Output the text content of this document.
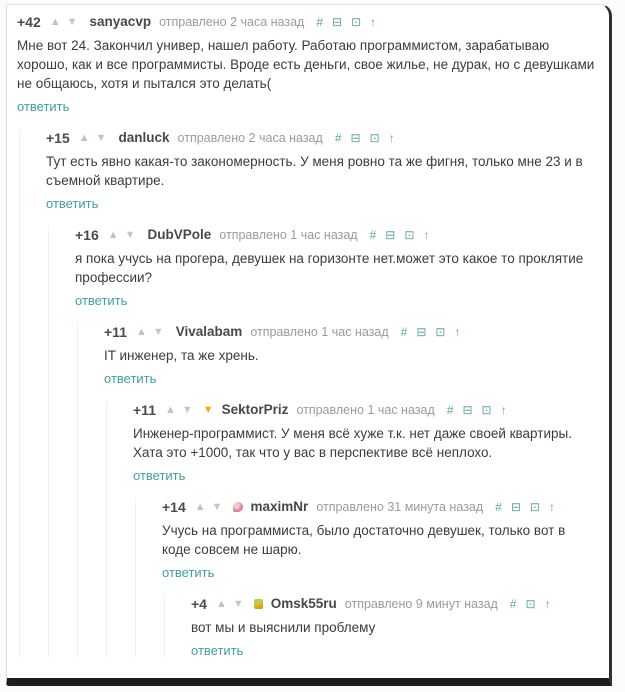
+42 ▲ ▼ sanyacvp отправлено 2 часа назад # ⊟ ⊡ ↑
Мне вот 24. Закончил универ, нашел работу. Работаю программистом, зарабатываю хорошо, как и все программисты. Вроде есть деньги, свое жилье, не дурак, но с девушками не общаюсь, хотя и пытался это делать(
ответить
+15 ▲ ▼ danluck отправлено 2 часа назад # ⊟ ⊡ ↑
Тут есть явно какая-то закономерность. У меня ровно та же фигня, только мне 23 и в съемной квартире.
ответить
+16 ▲ ▼ DubVPole отправлено 1 час назад # ⊟ ⊡ ↑
я пока учусь на прогера, девушек на горизонте нет.может это какое то проклятие профессии?
ответить
+11 ▲ ▼ Vivalabam отправлено 1 час назад # ⊟ ⊡ ↑
IT инженер, та же хрень.
ответить
+11 ▲ ▼ ▼ SektorPriz отправлено 1 час назад # ⊟ ⊡ ↑
Инженер-программист. У меня всё хуже т.к. нет даже своей квартиры. Хата это +1000, так что у вас в перспективе всё неплохо.
ответить
+14 ▲ ▼ maximNr отправлено 31 минута назад # ⊟ ⊡ ↑
Учусь на программиста, было достаточно девушек, только вот в коде совсем не шарю.
ответить
+4 ▲ ▼ Omsk55ru отправлено 9 минут назад # ⊡ ↑
вот мы и выяснили проблему
ответить
